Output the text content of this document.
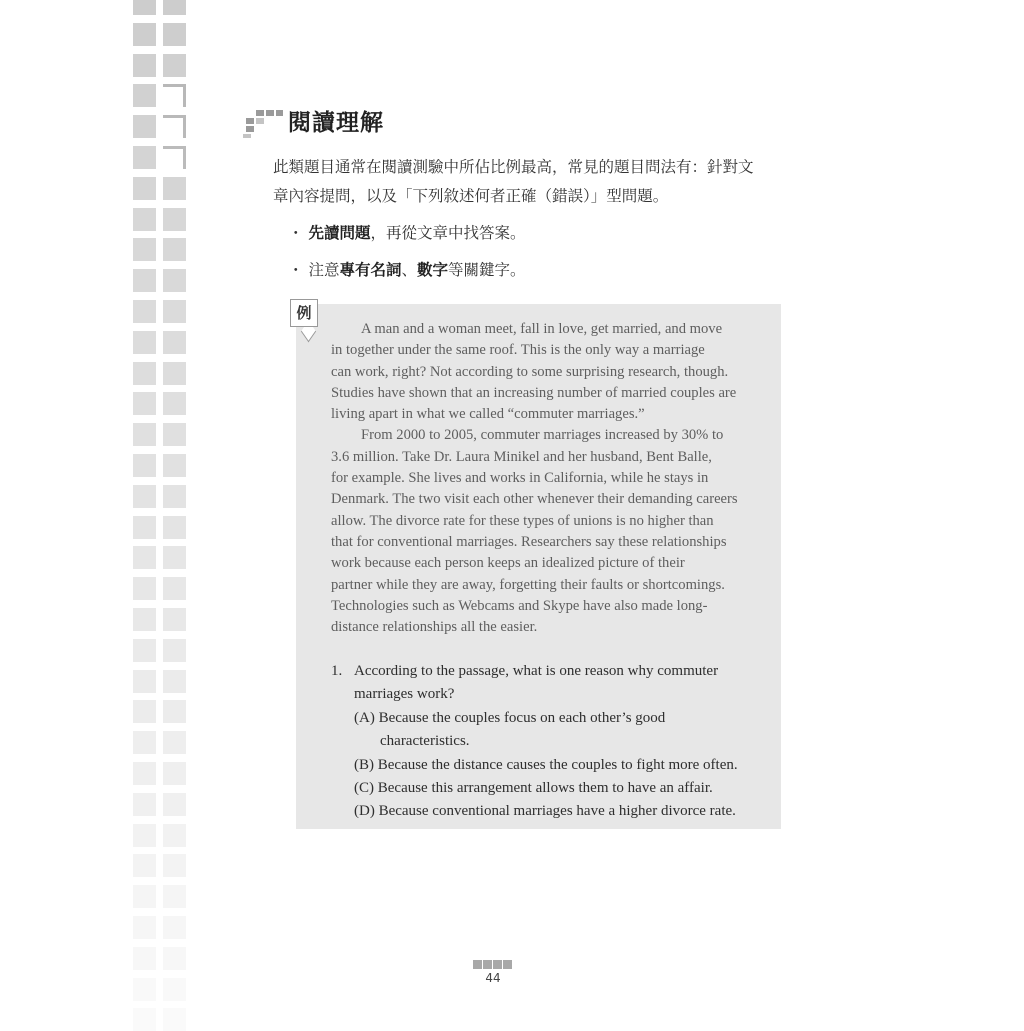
閱讀理解
此類題目通常在閱讀測驗中所佔比例最高，常見的題目問法有：針對文
章內容提問，以及「下列敘述何者正確（錯誤）」型問題。
・ 先讀問題，再從文章中找答案。
・ 注意專有名詞、數字等關鍵字。
例
A man and a woman meet, fall in love, get married, and move
in together under the same roof. This is the only way a marriage
can work, right? Not according to some surprising research, though.
Studies have shown that an increasing number of married couples are
living apart in what we called “commuter marriages.”
From 2000 to 2005, commuter marriages increased by 30% to
3.6 million. Take Dr. Laura Minikel and her husband, Bent Balle,
for example. She lives and works in California, while he stays in
Denmark. The two visit each other whenever their demanding careers
allow. The divorce rate for these types of unions is no higher than
that for conventional marriages. Researchers say these relationships
work because each person keeps an idealized picture of their
partner while they are away, forgetting their faults or shortcomings.
Technologies such as Webcams and Skype have also made long-
distance relationships all the easier.
1. According to the passage, what is one reason why commuter
marriages work?
(A) Because the couples focus on each other’s good
characteristics.
(B) Because the distance causes the couples to fight more often.
(C) Because this arrangement allows them to have an affair.
(D) Because conventional marriages have a higher divorce rate.
44
